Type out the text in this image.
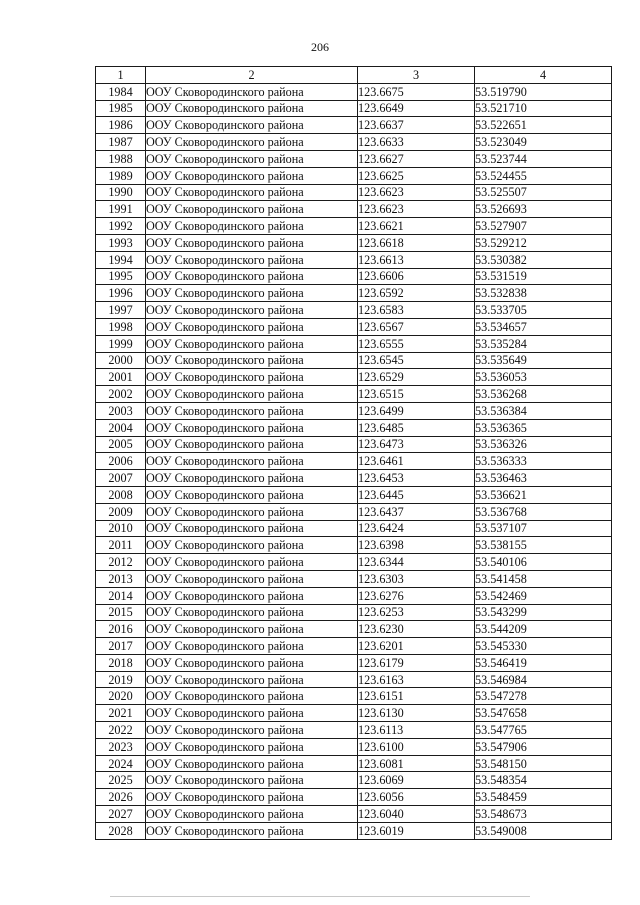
206
1	2	3	4
1984	ООУ Сковородинского района	123.6675	53.519790
1985	ООУ Сковородинского района	123.6649	53.521710
1986	ООУ Сковородинского района	123.6637	53.522651
1987	ООУ Сковородинского района	123.6633	53.523049
1988	ООУ Сковородинского района	123.6627	53.523744
1989	ООУ Сковородинского района	123.6625	53.524455
1990	ООУ Сковородинского района	123.6623	53.525507
1991	ООУ Сковородинского района	123.6623	53.526693
1992	ООУ Сковородинского района	123.6621	53.527907
1993	ООУ Сковородинского района	123.6618	53.529212
1994	ООУ Сковородинского района	123.6613	53.530382
1995	ООУ Сковородинского района	123.6606	53.531519
1996	ООУ Сковородинского района	123.6592	53.532838
1997	ООУ Сковородинского района	123.6583	53.533705
1998	ООУ Сковородинского района	123.6567	53.534657
1999	ООУ Сковородинского района	123.6555	53.535284
2000	ООУ Сковородинского района	123.6545	53.535649
2001	ООУ Сковородинского района	123.6529	53.536053
2002	ООУ Сковородинского района	123.6515	53.536268
2003	ООУ Сковородинского района	123.6499	53.536384
2004	ООУ Сковородинского района	123.6485	53.536365
2005	ООУ Сковородинского района	123.6473	53.536326
2006	ООУ Сковородинского района	123.6461	53.536333
2007	ООУ Сковородинского района	123.6453	53.536463
2008	ООУ Сковородинского района	123.6445	53.536621
2009	ООУ Сковородинского района	123.6437	53.536768
2010	ООУ Сковородинского района	123.6424	53.537107
2011	ООУ Сковородинского района	123.6398	53.538155
2012	ООУ Сковородинского района	123.6344	53.540106
2013	ООУ Сковородинского района	123.6303	53.541458
2014	ООУ Сковородинского района	123.6276	53.542469
2015	ООУ Сковородинского района	123.6253	53.543299
2016	ООУ Сковородинского района	123.6230	53.544209
2017	ООУ Сковородинского района	123.6201	53.545330
2018	ООУ Сковородинского района	123.6179	53.546419
2019	ООУ Сковородинского района	123.6163	53.546984
2020	ООУ Сковородинского района	123.6151	53.547278
2021	ООУ Сковородинского района	123.6130	53.547658
2022	ООУ Сковородинского района	123.6113	53.547765
2023	ООУ Сковородинского района	123.6100	53.547906
2024	ООУ Сковородинского района	123.6081	53.548150
2025	ООУ Сковородинского района	123.6069	53.548354
2026	ООУ Сковородинского района	123.6056	53.548459
2027	ООУ Сковородинского района	123.6040	53.548673
2028	ООУ Сковородинского района	123.6019	53.549008
